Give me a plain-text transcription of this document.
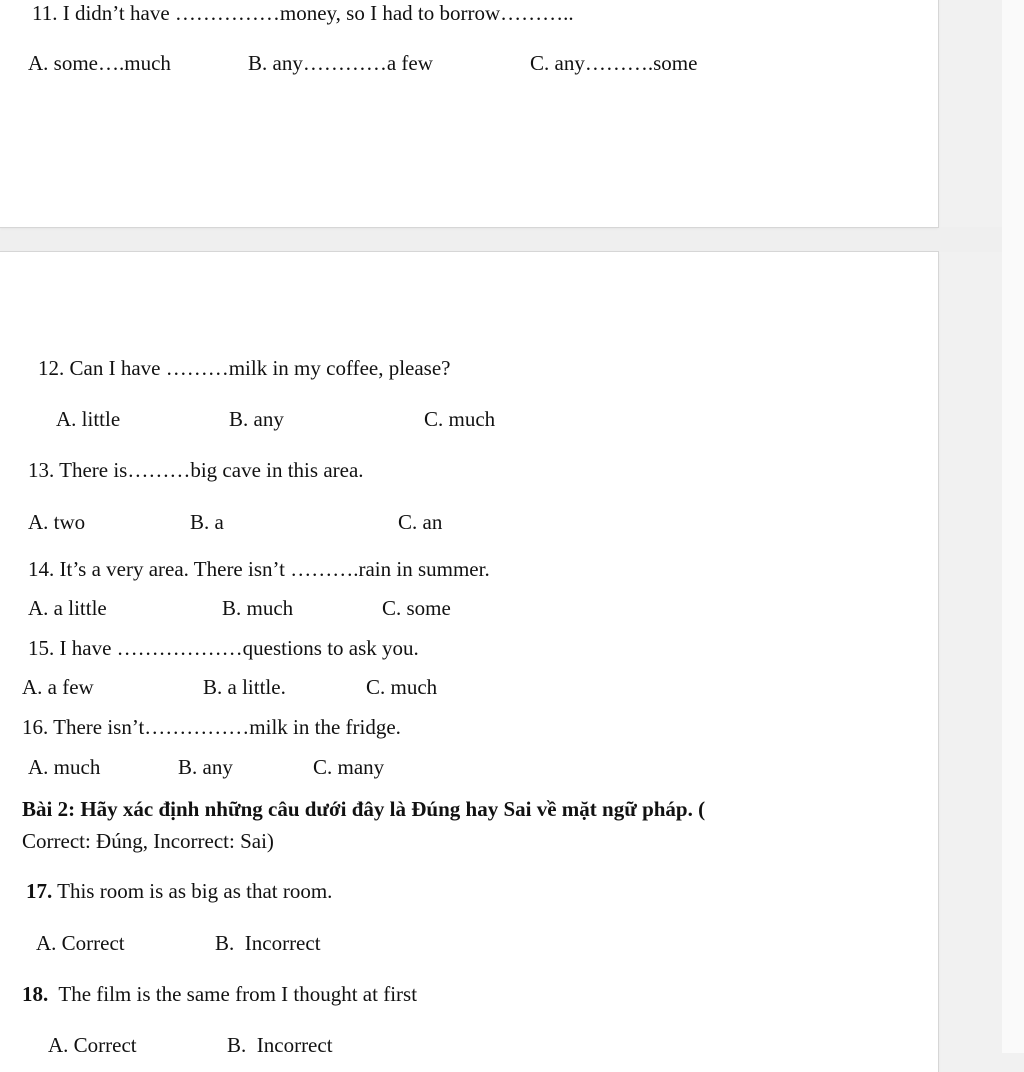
11. I didn’t have ……………money, so I had to borrow………..
A. some….much	B. any…………a few	C. any……….some
12. Can I have ………milk in my coffee, please?
A. little	B. any	C. much
13. There is………big cave in this area.
A. two	B. a	C. an
14. It’s a very area. There isn’t ……….rain in summer.
A. a little	B. much	C. some
15. I have ………………questions to ask you.
A. a few	B. a little.	C. much
16. There isn’t……………milk in the fridge.
A. much	B. any	C. many
Bài 2: Hãy xác định những câu dưới đây là Đúng hay Sai về mặt ngữ pháp. (
Correct: Đúng, Incorrect: Sai)
17. This room is as big as that room.
A. Correct	B.  Incorrect
18.  The film is the same from I thought at first
A. Correct	B.  Incorrect
